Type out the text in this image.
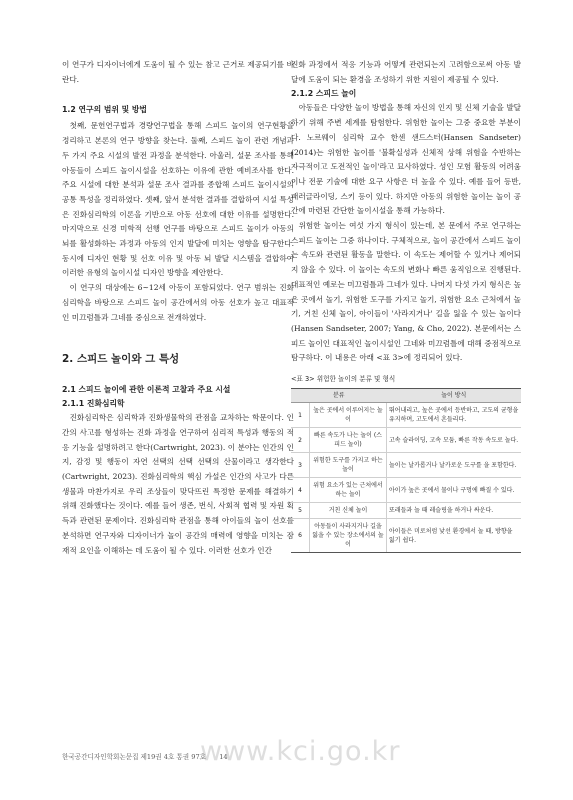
이 연구가 디자이너에게 도움이 될 수 있는 참고 근거로 제공되기를 바란다.

1.2 연구의 범위 및 방법

첫째, 문헌연구법과 경량연구법을 통해 스피드 놀이의 연구현황을 정리하고 본론의 연구 방향을 찾는다. 둘째, 스피드 놀이 관련 개념과 두 가지 주요 시설의 발전 과정을 분석한다. 아울러, 설문 조사를 통해 아동들이 스피드 놀이시설을 선호하는 이유에 관한 예비조사를 한다. 주요 시설에 대한 분석과 설문 조사 결과를 종합해 스피드 놀이시설의 공통 특성을 정리하였다. 셋째, 앞서 분석한 결과를 결합하여 시설 특성은 진화심리학의 이론을 기반으로 아동 선호에 대한 이유를 설명한다. 마지막으로 신경 미학적 선행 연구를 바탕으로 스피드 놀이가 아동의 뇌를 활성화하는 과정과 아동의 인지 발달에 미치는 영향을 탐구한다. 동시에 디자인 현황 및 선호 이유 및 아동 뇌 발달 시스템을 결합하여 이러한 유형의 놀이시설 디자인 방향을 제안한다.

이 연구의 대상에는 6~12세 아동이 포함되었다. 연구 범위는 진화심리학을 바탕으로 스피드 놀이 공간에서의 아동 선호가 높고 대표적인 미끄럼틀과 그네를 중심으로 전개하였다.

2. 스피드 놀이와 그 특성

2.1 스피드 놀이에 관한 이론적 고찰과 주요 시설

2.1.1 진화심리학

진화심리학은 심리학과 진화생물학의 관점을 교차하는 학문이다. 인간의 사고를 형성하는 진화 과정을 연구하여 심리적 특성과 행동의 적응 기능을 설명하려고 한다(Cartwright, 2023). 이 분야는 인간의 인지, 감정 및 행동이 자연 선택의 선택 선택의 산물이라고 생각한다(Cartwright, 2023). 진화심리학의 핵심 가설은 인간의 사고가 다른 생물과 마찬가지로 우리 조상들이 맞닥뜨린 특정한 문제를 해결하기 위해 진화했다는 것이다. 예를 들어 생존, 번식, 사회적 협력 및 자원 획득과 관련된 문제이다. 진화심리학 관점을 통해 아이들의 놀이 선호를 분석하면 연구자와 디자이너가 놀이 공간의 매력에 영향을 미치는 잠재적 요인을 이해하는 데 도움이 될 수 있다. 이러한 선호가 인간

진화 과정에서 적응 기능과 어떻게 관련되는지 고려함으로써 아동 발달에 도움이 되는 환경을 조성하기 위한 지원이 제공될 수 있다.

2.1.2 스피드 놀이

아동들은 다양한 놀이 방법을 통해 자신의 인지 및 신체 기술을 발달하기 위해 주변 세계를 탐험한다. 위험한 놀이는 그중 중요한 부분이다. 노르웨이 심리학 교수 한센 샌드스터(Hansen Sandseter)(2014)는 위험한 놀이를 '불확실성과 신체적 상해 위험을 수반하는 자극적이고 도전적인 놀이'라고 묘사하였다. 성인 모험 활동의 어려움이나 전문 기술에 대한 요구 사항은 더 높을 수 있다. 예를 들어 등반, 패러글라이딩, 스키 등이 있다. 하지만 아동의 위험한 놀이는 놀이 공간에 마련된 간단한 놀이시설을 통해 가능하다.

위험한 놀이는 여섯 가지 형식이 있는데, 본 문에서 주로 연구하는 스피드 놀이는 그중 하나이다. 구체적으로, 놀이 공간에서 스피드 놀이는 속도와 관련된 활동을 말한다. 이 속도는 제어할 수 있거나 제어되지 않을 수 있다. 이 놀이는 속도의 변화나 빠른 움직임으로 진행된다. 대표적인 예로는 미끄럼틀과 그네가 있다. 나머지 다섯 가지 형식은 높은 곳에서 놀기, 위험한 도구를 가지고 놀기, 위험한 요소 근처에서 놀기, 거친 신체 놀이, 아이들이 '사라지거나' 길을 잃을 수 있는 놀이다(Hansen Sandseter, 2007; Yang, & Cho, 2022). 본문에서는 스피드 놀이인 대표적인 놀이시설인 그네와 미끄럼틀에 대해 중점적으로 탐구하다. 이 내용은 아래 <표 3>에 정리되어 있다.

<표 3> 위험한 놀이의 분류 및 형식

분류		놀이 방식
1	높은 곳에서 이루어지는 놀이	뛰어내리고, 높은 곳에서 등반하고, 고도의 균형을 유지하며, 고도에서 흔들리다.
2	빠른 속도가 나는 놀이 (스피드 놀이)	고속 슬라이딩, 고속 모둠, 빠른 작동 속도로 놀다.
3	위험한 도구를 가지고 하는 놀이	놀이는 날카롭거나 날카로운 도구를 을 포함한다.
4	위험 요소가 있는 근처에서 하는 놀이	아이가 높은 곳에서 물이나 구멍에 빠질 수 있다.
5	거친 신체 놀이	또래들과 놀 때 레슬링을 하거나 싸운다.
6	아동들이 사라지거나 길을 잃을 수 있는 장소에서의 놀이	아이들은 미로처럼 낯선 환경에서 놀 때, 방향을 잃기 쉽다.
www.kci.go.kr
한국공간디자인학회논문집 제19권 4호 통권 97호　　14
